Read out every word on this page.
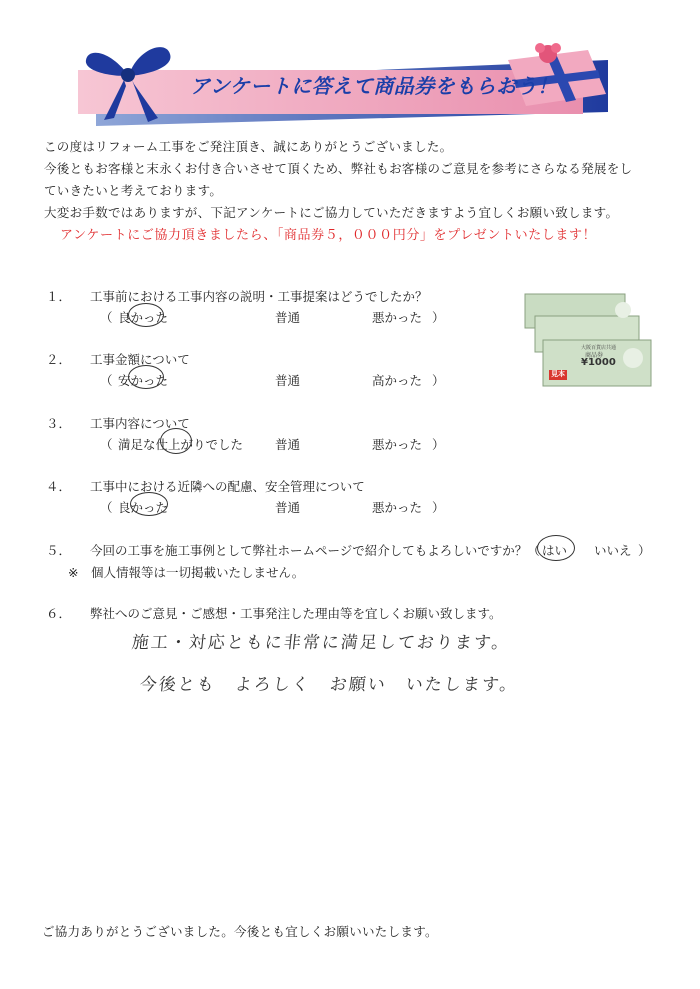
アンケートに答えて商品券をもらおう！
この度はリフォーム工事をご発注頂き、誠にありがとうございました。
今後ともお客様と末永くお付き合いさせて頂くため、弊社もお客様のご意見を参考にさらなる発展をし
ていきたいと考えております。
大変お手数ではありますが、下記アンケートにご協力していただきますよう宜しくお願い致します。
アンケートにご協力頂きましたら、「商品券５，０００円分」をプレゼントいたします！
大阪百貨店共通
商品券
¥1000
見本
１． 工事前における工事内容の説明・工事提案はどうでしたか？
（ 良かった	普通	悪かった ）
２． 工事金額について
（ 安かった	普通	高かった ）
３． 工事内容について
（ 満足な仕上がりでした	普通	悪かった ）
４． 工事中における近隣への配慮、安全管理について
（ 良かった	普通	悪かった ）
５． 今回の工事を施工事例として弊社ホームページで紹介してもよろしいですか？（ はい いいえ ）
※　個人情報等は一切掲載いたしません。
６． 弊社へのご意見・ご感想・工事発注した理由等を宜しくお願い致します。
施工・対応ともに非常に満足しております。
今後とも　よろしく　お願い　いたします。
ご協力ありがとうございました。今後とも宜しくお願いいたします。
